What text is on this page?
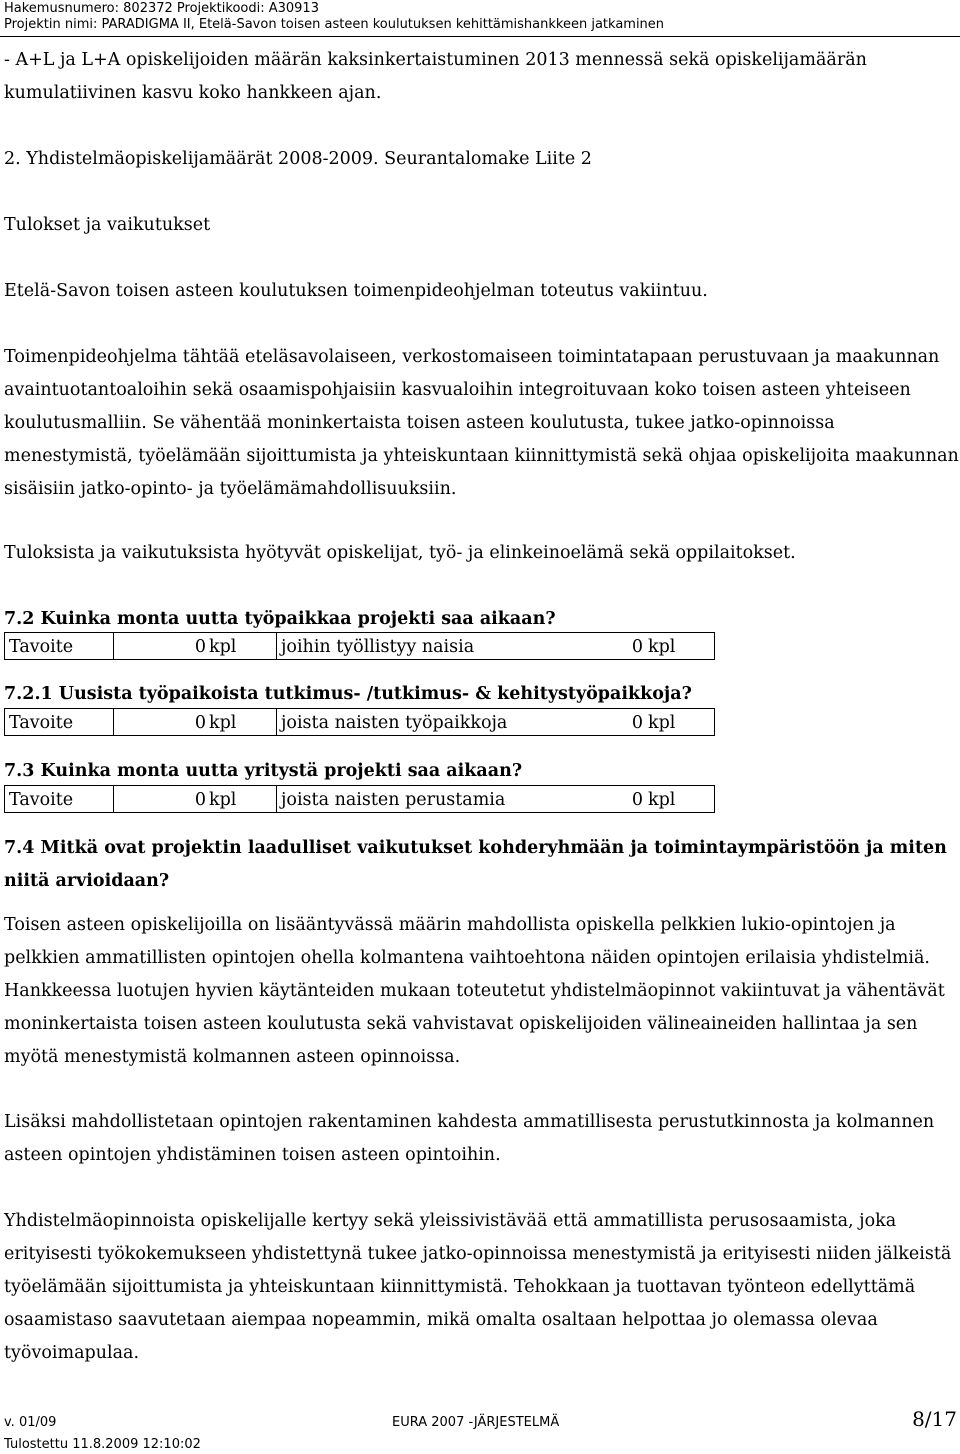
Hakemusnumero: 802372 Projektikoodi: A30913
Projektin nimi: PARADIGMA II, Etelä-Savon toisen asteen koulutuksen kehittämishankkeen jatkaminen

- A+L ja L+A opiskelijoiden määrän kaksinkertaistuminen 2013 mennessä sekä opiskelijamäärän kumulatiivinen kasvu koko hankkeen ajan.

2. Yhdistelmäopiskelijamäärät 2008-2009. Seurantalomake Liite 2

Tulokset ja vaikutukset

Etelä-Savon toisen asteen koulutuksen toimenpideohjelman toteutus vakiintuu.

Toimenpideohjelma tähtää eteläsavolaiseen, verkostomaiseen toimintatapaan perustuvaan ja maakunnan avaintuotantoaloihin sekä osaamispohjaisiin kasvualoihin integroituvaan koko toisen asteen yhteiseen koulutusmalliin. Se vähentää moninkertaista toisen asteen koulutusta, tukee jatko-opinnoissa menestymistä, työelämään sijoittumista ja yhteiskuntaan kiinnittymistä sekä ohjaa opiskelijoita maakunnan sisäisiin jatko-opinto- ja työelämämahdollisuuksiin.

Tuloksista ja vaikutuksista hyötyvät opiskelijat, työ- ja elinkeinoelämä sekä oppilaitokset.

7.2 Kuinka monta uutta työpaikkaa projekti saa aikaan?

Tavoite	0 kpl	joihin työllistyy naisia	0 kpl

7.2.1 Uusista työpaikoista tutkimus- /tutkimus- & kehitystyöpaikkoja?

Tavoite	0 kpl	joista naisten työpaikkoja	0 kpl

7.3 Kuinka monta uutta yritystä projekti saa aikaan?

Tavoite	0 kpl	joista naisten perustamia	0 kpl

7.4 Mitkä ovat projektin laadulliset vaikutukset kohderyhmään ja toimintaympäristöön ja miten niitä arvioidaan?

Toisen asteen opiskelijoilla on lisääntyvässä määrin mahdollista opiskella pelkkien lukio-opintojen ja pelkkien ammatillisten opintojen ohella kolmantena vaihtoehtona näiden opintojen erilaisia yhdistelmiä. Hankkeessa luotujen hyvien käytänteiden mukaan toteutetut yhdistelmäopinnot vakiintuvat ja vähentävät moninkertaista toisen asteen koulutusta sekä vahvistavat opiskelijoiden välineaineiden hallintaa ja sen myötä menestymistä kolmannen asteen opinnoissa.

Lisäksi mahdollistetaan opintojen rakentaminen kahdesta ammatillisesta perustutkinnosta ja kolmannen asteen opintojen yhdistäminen toisen asteen opintoihin.

Yhdistelmäopinnoista opiskelijalle kertyy sekä yleissivistävää että ammatillista perusosaamista, joka erityisesti työkokemukseen yhdistettynä tukee jatko-opinnoissa menestymistä ja erityisesti niiden jälkeistä työelämään sijoittumista ja yhteiskuntaan kiinnittymistä. Tehokkaan ja tuottavan työnteon edellyttämä osaamistaso saavutetaan aiempaa nopeammin, mikä omalta osaltaan helpottaa jo olemassa olevaa työvoimapulaa.

v. 01/09	EURA 2007 -JÄRJESTELMÄ	8/17
Tulostettu 11.8.2009 12:10:02
